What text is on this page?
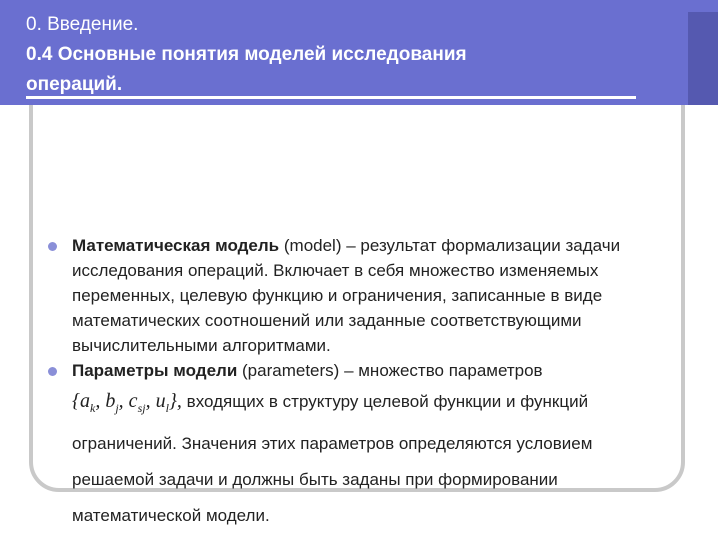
0. Введение.
0.4 Основные понятия моделей исследования
операций.
Математическая модель (model) – результат формализации задачи исследования операций. Включает в себя множество изменяемых переменных, целевую функцию и ограничения, записанные в виде математических соотношений или заданные соответствующими вычислительными алгоритмами.
Параметры модели (parameters) – множество параметров
{$a_k$, $b_j$, $c_{sj}$, $u_l$}, входящих в структуру целевой функции и функций ограничений. Значения этих параметров определяются условием решаемой задачи и должны быть заданы при формировании математической модели.
